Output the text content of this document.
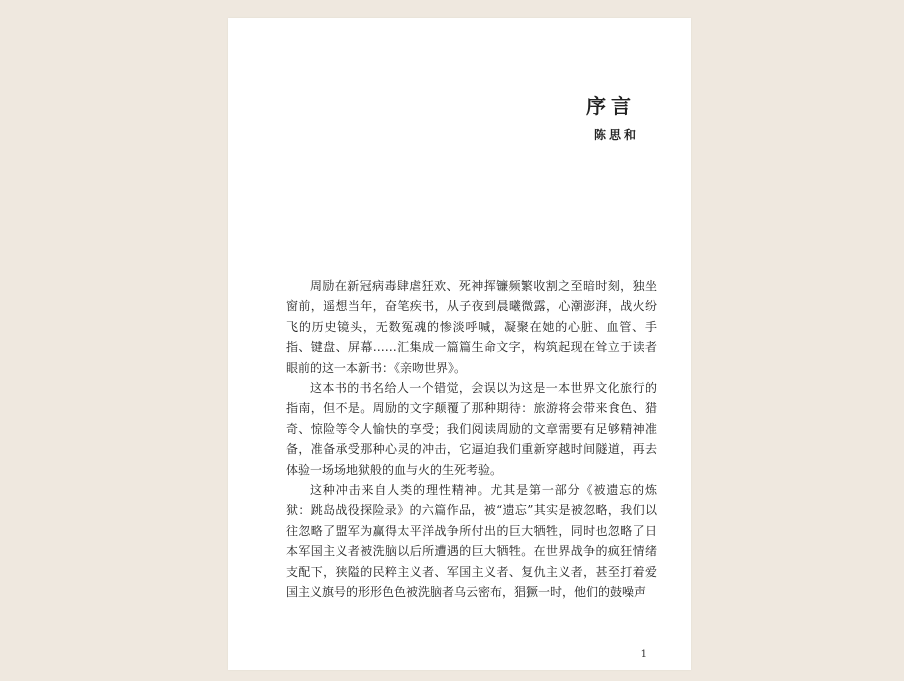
序言
陈思和

周励在新冠病毒肆虐狂欢、死神挥镰频繁收割之至暗时刻，独坐窗前，遥想当年，奋笔疾书，从子夜到晨曦微露，心潮澎湃，战火纷飞的历史镜头，无数冤魂的惨淡呼喊，凝聚在她的心脏、血管、手指、键盘、屏幕……汇集成一篇篇生命文字，构筑起现在耸立于读者眼前的这一本新书：《亲吻世界》。

这本书的书名给人一个错觉，会误以为这是一本世界文化旅行的指南，但不是。周励的文字颠覆了那种期待：旅游将会带来食色、猎奇、惊险等令人愉快的享受；我们阅读周励的文章需要有足够精神准备，准备承受那种心灵的冲击，它逼迫我们重新穿越时间隧道，再去体验一场场地狱般的血与火的生死考验。

这种冲击来自人类的理性精神。尤其是第一部分《被遗忘的炼狱：跳岛战役探险录》的六篇作品，被“遗忘”其实是被忽略，我们以往忽略了盟军为赢得太平洋战争所付出的巨大牺牲，同时也忽略了日本军国主义者被洗脑以后所遭遇的巨大牺牲。在世界战争的疯狂情绪支配下，狭隘的民粹主义者、军国主义者、复仇主义者，甚至打着爱国主义旗号的形形色色被洗脑者乌云密布，猖獗一时，他们的鼓噪声

1
